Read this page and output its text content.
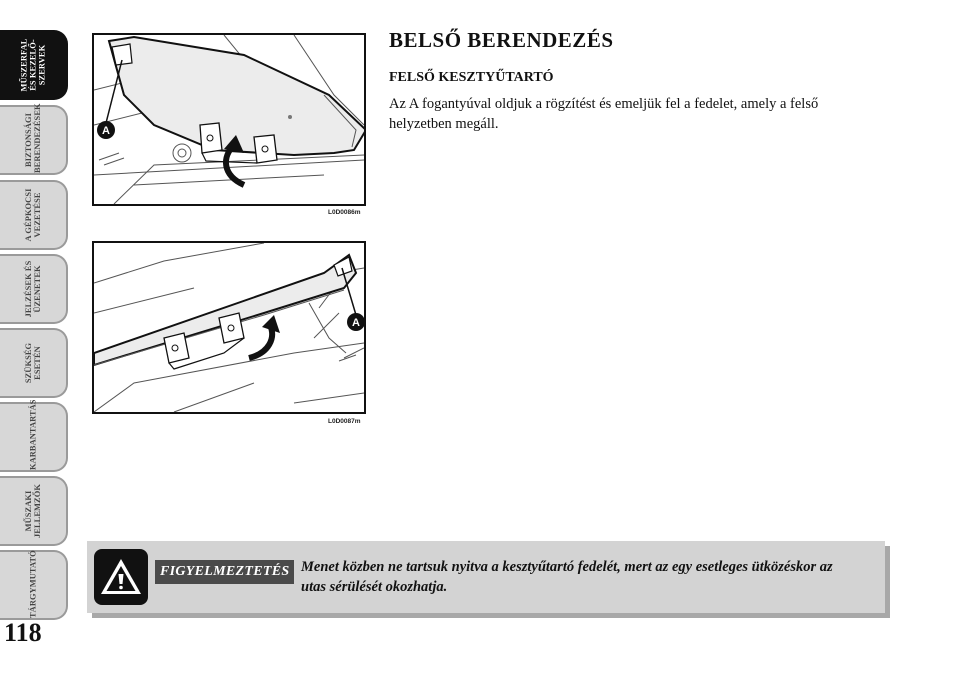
MŰSZERFAL
ÉS KEZELŐ-
SZERVEK
BIZTONSÁGI
BERENDEZÉSEK
A GÉPKOCSI
VEZETÉSE
JELZÉSEK ÉS
ÜZENETEK
SZÜKSÉG
ESETÉN
KARBANTARTÁS
MŰSZAKI
JELLEMZŐK
TÁRGYMUTATÓ
118
A
L0D0086m
A
L0D0087m
BELSŐ BERENDEZÉS
FELSŐ KESZTYŰTARTÓ

Az A fogantyúval oldjuk a rögzítést és emeljük fel a fedelet, amely a felső helyzetben megáll.

FIGYELMEZTETÉS Menet közben ne tartsuk nyitva a kesztyűtartó fedelét, mert az egy esetleges ütközéskor az utas sérülését okozhatja.
